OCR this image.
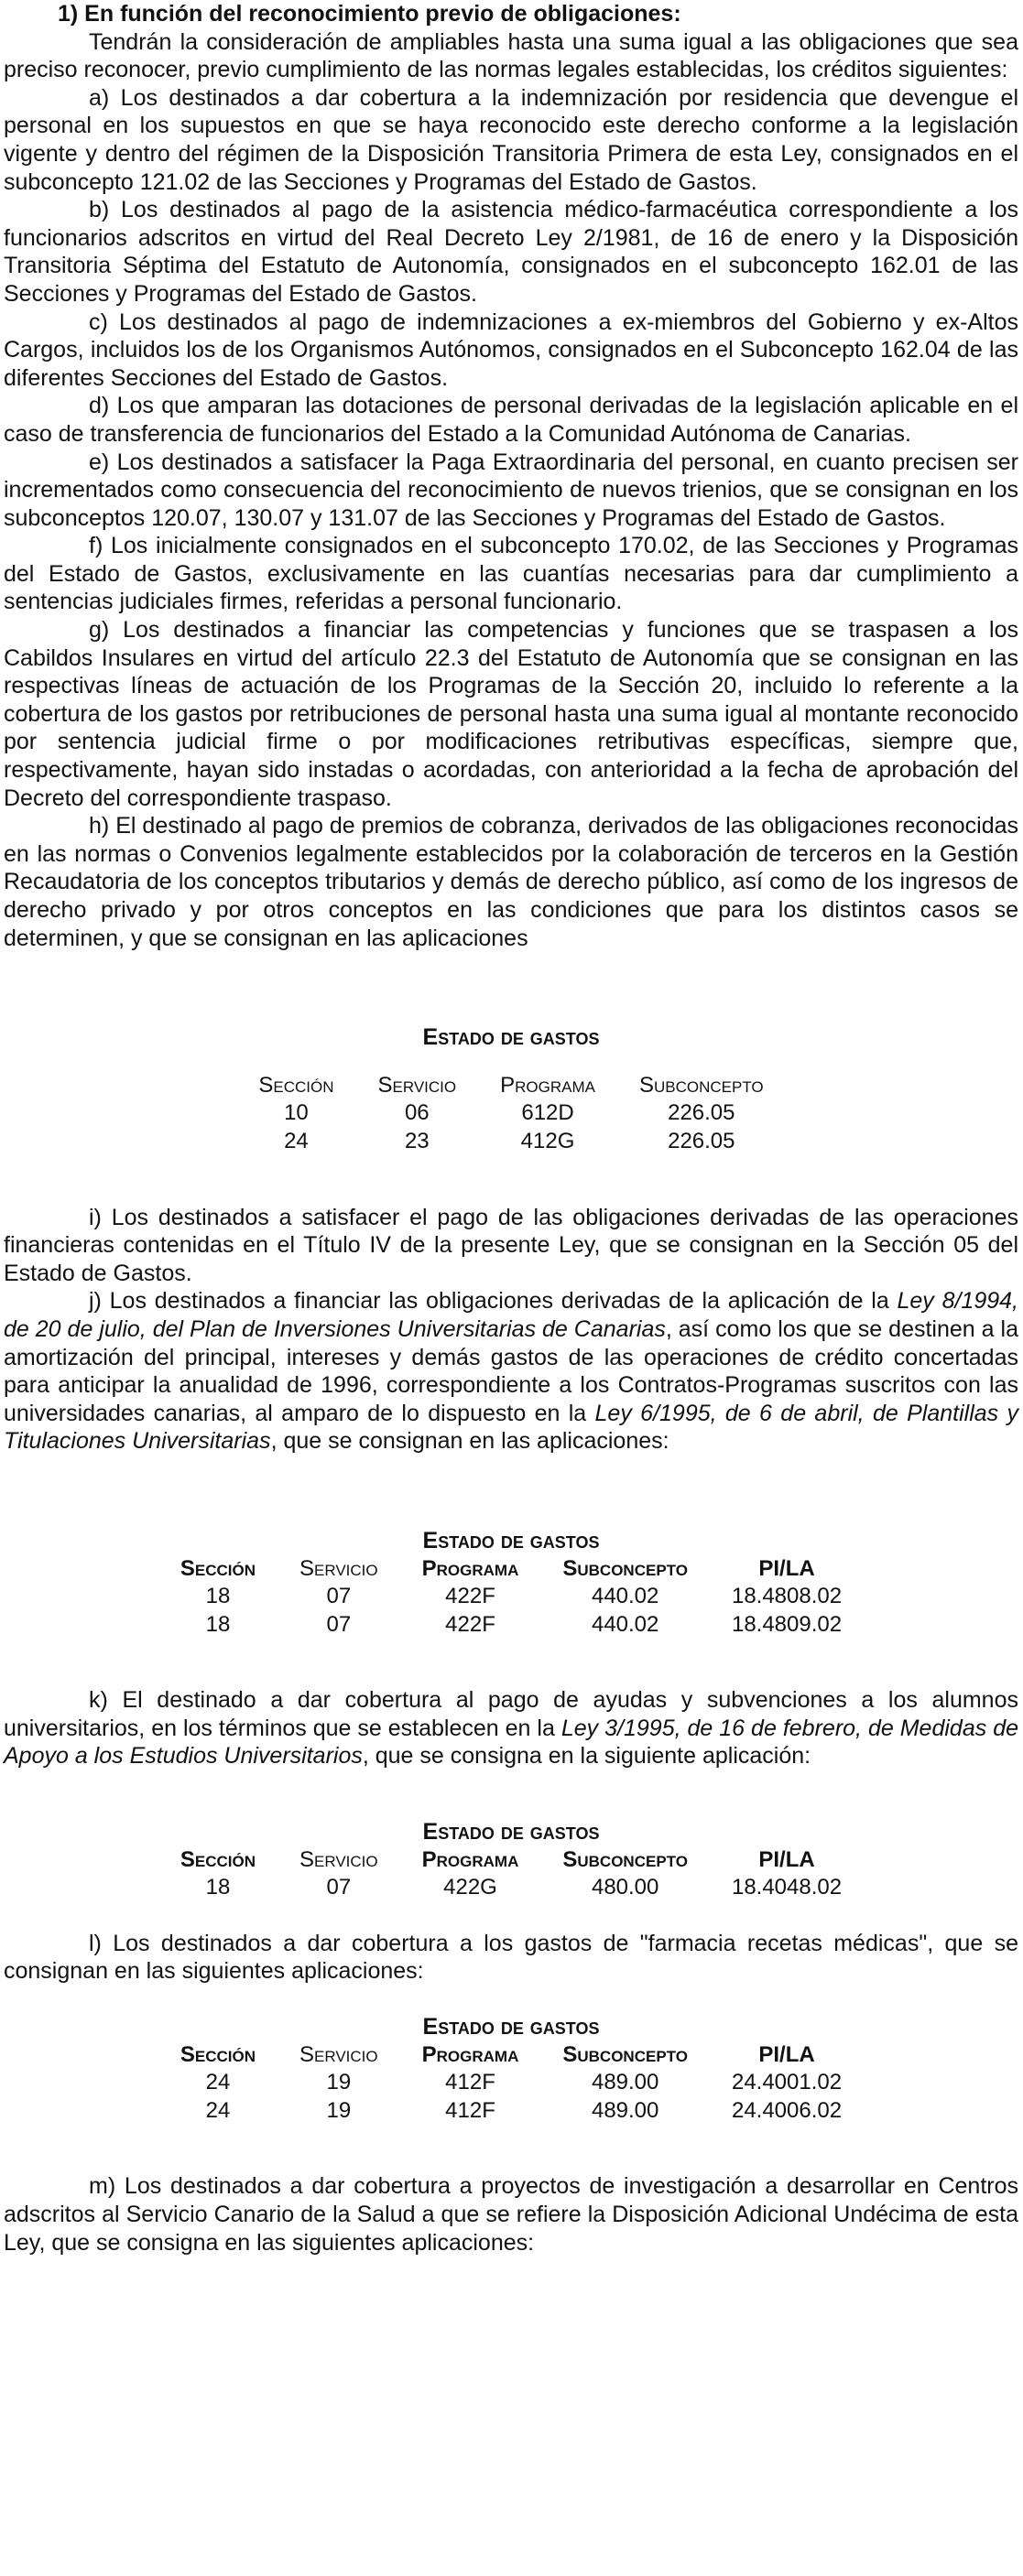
1) En función del reconocimiento previo de obligaciones:

Tendrán la consideración de ampliables hasta una suma igual a las obligaciones que sea preciso reconocer, previo cumplimiento de las normas legales establecidas, los créditos siguientes:

a) Los destinados a dar cobertura a la indemnización por residencia que devengue el personal en los supuestos en que se haya reconocido este derecho conforme a la legislación vigente y dentro del régimen de la Disposición Transitoria Primera de esta Ley, consignados en el subconcepto 121.02 de las Secciones y Programas del Estado de Gastos.

b) Los destinados al pago de la asistencia médico-farmacéutica correspondiente a los funcionarios adscritos en virtud del Real Decreto Ley 2/1981, de 16 de enero y la Disposición Transitoria Séptima del Estatuto de Autonomía, consignados en el subconcepto 162.01 de las Secciones y Programas del Estado de Gastos.

c) Los destinados al pago de indemnizaciones a ex-miembros del Gobierno y ex-Altos Cargos, incluidos los de los Organismos Autónomos, consignados en el Subconcepto 162.04 de las diferentes Secciones del Estado de Gastos.

d) Los que amparan las dotaciones de personal derivadas de la legislación aplicable en el caso de transferencia de funcionarios del Estado a la Comunidad Autónoma de Canarias.

e) Los destinados a satisfacer la Paga Extraordinaria del personal, en cuanto precisen ser incrementados como consecuencia del reconocimiento de nuevos trienios, que se consignan en los subconceptos 120.07, 130.07 y 131.07 de las Secciones y Programas del Estado de Gastos.

f) Los inicialmente consignados en el subconcepto 170.02, de las Secciones y Programas del Estado de Gastos, exclusivamente en las cuantías necesarias para dar cumplimiento a sentencias judiciales firmes, referidas a personal funcionario.

g) Los destinados a financiar las competencias y funciones que se traspasen a los Cabildos Insulares en virtud del artículo 22.3 del Estatuto de Autonomía que se consignan en las respectivas líneas de actuación de los Programas de la Sección 20, incluido lo referente a la cobertura de los gastos por retribuciones de personal hasta una suma igual al montante reconocido por sentencia judicial firme o por modificaciones retributivas específicas, siempre que, respectivamente, hayan sido instadas o acordadas, con anterioridad a la fecha de aprobación del Decreto del correspondiente traspaso.

h) El destinado al pago de premios de cobranza, derivados de las obligaciones reconocidas en las normas o Convenios legalmente establecidos por la colaboración de terceros en la Gestión Recaudatoria de los conceptos tributarios y demás de derecho público, así como de los ingresos de derecho privado y por otros conceptos en las condiciones que para los distintos casos se determinen, y que se consignan en las aplicaciones

Estado de gastos

Sección	Servicio	Programa	Subconcepto
10	06	612D	226.05
24	23	412G	226.05

i) Los destinados a satisfacer el pago de las obligaciones derivadas de las operaciones financieras contenidas en el Título IV de la presente Ley, que se consignan en la Sección 05 del Estado de Gastos.

j) Los destinados a financiar las obligaciones derivadas de la aplicación de la Ley 8/1994, de 20 de julio, del Plan de Inversiones Universitarias de Canarias, así como los que se destinen a la amortización del principal, intereses y demás gastos de las operaciones de crédito concertadas para anticipar la anualidad de 1996, correspondiente a los Contratos-Programas suscritos con las universidades canarias, al amparo de lo dispuesto en la Ley 6/1995, de 6 de abril, de Plantillas y Titulaciones Universitarias, que se consignan en las aplicaciones:

Estado de gastos

Sección	Servicio	Programa	Subconcepto	PI/LA
18	07	422F	440.02	18.4808.02
18	07	422F	440.02	18.4809.02

k) El destinado a dar cobertura al pago de ayudas y subvenciones a los alumnos universitarios, en los términos que se establecen en la Ley 3/1995, de 16 de febrero, de Medidas de Apoyo a los Estudios Universitarios, que se consigna en la siguiente aplicación:

Estado de gastos

Sección	Servicio	Programa	Subconcepto	PI/LA
18	07	422G	480.00	18.4048.02

l) Los destinados a dar cobertura a los gastos de "farmacia recetas médicas", que se consignan en las siguientes aplicaciones:

Estado de gastos

Sección	Servicio	Programa	Subconcepto	PI/LA
24	19	412F	489.00	24.4001.02
24	19	412F	489.00	24.4006.02

m) Los destinados a dar cobertura a proyectos de investigación a desarrollar en Centros adscritos al Servicio Canario de la Salud a que se refiere la Disposición Adicional Undécima de esta Ley, que se consigna en las siguientes aplicaciones:
